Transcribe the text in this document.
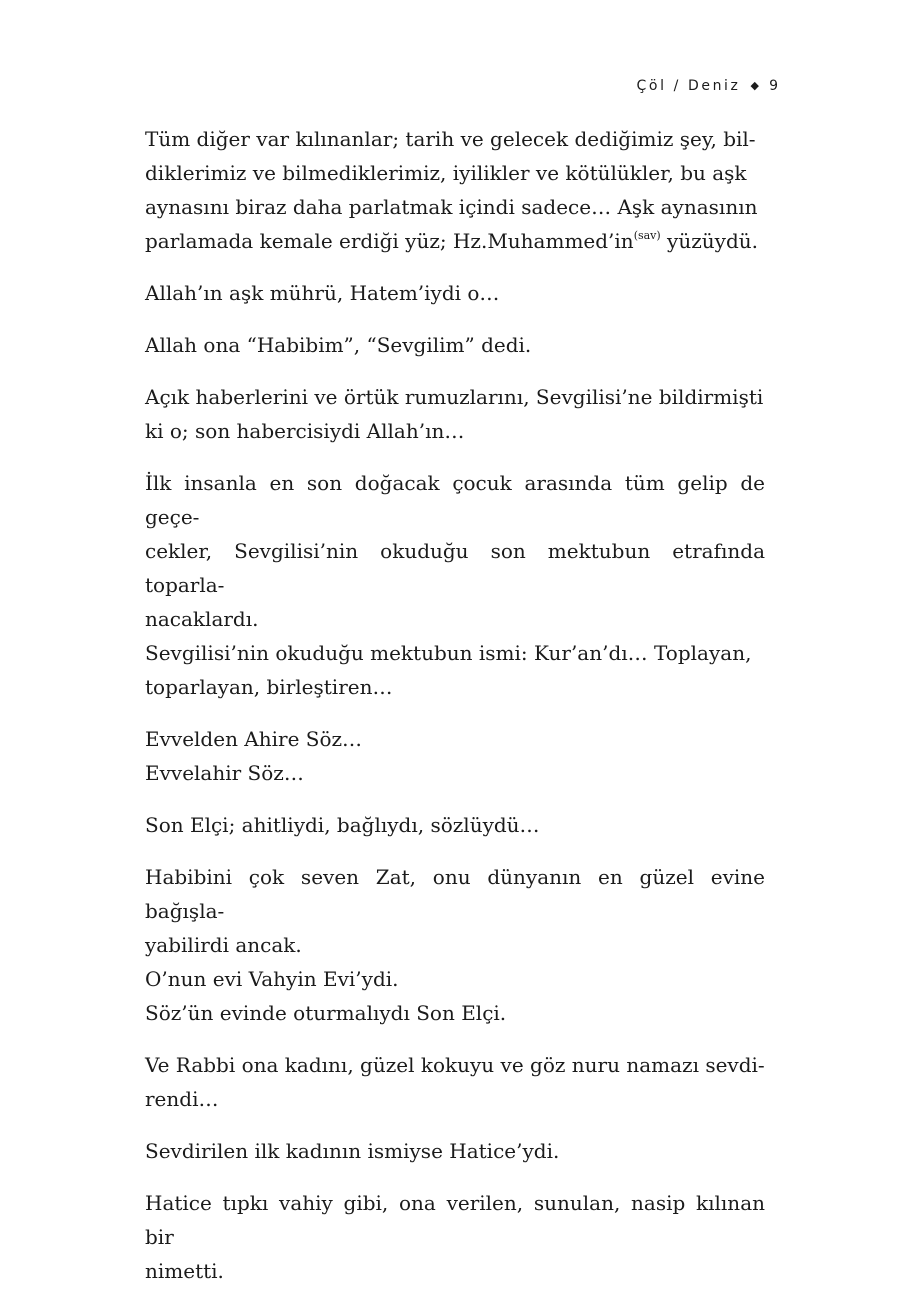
Çöl / Deniz ◆ 9

Tüm diğer var kılınanlar; tarih ve gelecek dediğimiz şey, bil-
diklerimiz ve bilmediklerimiz, iyilikler ve kötülükler, bu aşk
aynasını biraz daha parlatmak içindi sadece… Aşk aynasının
parlamada kemale erdiği yüz; $Hz.Muhammed’in^{(sav)}$ yüzüydü.

Allah’ın aşk mührü, Hatem’iydi o…

Allah ona “Habibim”, “Sevgilim” dedi.

Açık haberlerini ve örtük rumuzlarını, Sevgilisi’ne bildirmişti
ki o; son habercisiydi Allah’ın…

İlk insanla en son doğacak çocuk arasında tüm gelip de geçe-
cekler, Sevgilisi’nin okuduğu son mektubun etrafında toparla-
nacaklardı.

Sevgilisi’nin okuduğu mektubun ismi: Kur’an’dı… Toplayan,
toparlayan, birleştiren…

Evvelden Ahire Söz…

Evvelahir Söz…

Son Elçi; ahitliydi, bağlıydı, sözlüydü…

Habibini çok seven Zat, onu dünyanın en güzel evine bağışla-
yabilirdi ancak.

O’nun evi Vahyin Evi’ydi.

Söz’ün evinde oturmalıydı Son Elçi.

Ve Rabbi ona kadını, güzel kokuyu ve göz nuru namazı sevdi-
rendi…

Sevdirilen ilk kadının ismiyse Hatice’ydi.

Hatice tıpkı vahiy gibi, ona verilen, sunulan, nasip kılınan bir
nimetti.
